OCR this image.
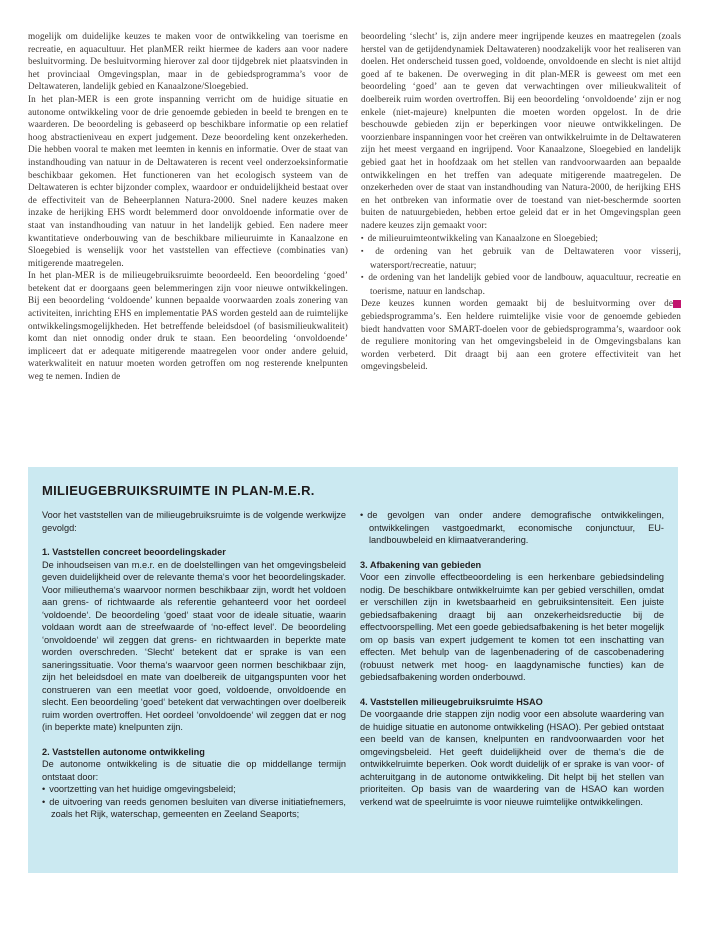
mogelijk om duidelijke keuzes te maken voor de ontwikkeling van toerisme en recreatie, en aquacultuur. Het planMER reikt hiermee de kaders aan voor nadere besluitvorming. De besluitvorming hierover zal door tijdgebrek niet plaatsvinden in het provinciaal Omgevingsplan, maar in de gebiedsprogramma’s voor de Deltawateren, landelijk gebied en Kanaalzone/Sloegebied.

In het plan-MER is een grote inspanning verricht om de huidige situatie en autonome ontwikkeling voor de drie genoemde gebieden in beeld te brengen en te waarderen. De beoordeling is gebaseerd op beschikbare informatie op een relatief hoog abstractieniveau en expert judgement. Deze beoordeling kent onzekerheden. Die hebben vooral te maken met leemten in kennis en informatie. Over de staat van instandhouding van natuur in de Deltawateren is recent veel onderzoeksinformatie beschikbaar gekomen. Het functioneren van het ecologisch systeem van de Deltawateren is echter bijzonder complex, waardoor er onduidelijkheid bestaat over de effectiviteit van de Beheerplannen Natura-2000. Snel nadere keuzes maken inzake de herijking EHS wordt belemmerd door onvoldoende informatie over de staat van instandhouding van natuur in het landelijk gebied. Een nadere meer kwantitatieve onderbouwing van de beschikbare milieuruimte in Kanaalzone en Sloegebied is wenselijk voor het vaststellen van effectieve (combinaties van) mitigerende maatregelen.

In het plan-MER is de milieugebruiksruimte beoordeeld. Een beoordeling ‘goed’ betekent dat er doorgaans geen belemmeringen zijn voor nieuwe ontwikkelingen. Bij een beoordeling ‘voldoende’ kunnen bepaalde voorwaarden zoals zonering van activiteiten, inrichting EHS en implementatie PAS worden gesteld aan de ruimtelijke ontwikkelingsmogelijkheden. Het betreffende beleidsdoel (of basismilieukwaliteit) komt dan niet onnodig onder druk te staan. Een beoordeling ‘onvoldoende’ impliceert dat er adequate mitigerende maatregelen voor onder andere geluid, waterkwaliteit en natuur moeten worden getroffen om nog resterende knelpunten weg te nemen. Indien de

beoordeling ‘slecht’ is, zijn andere meer ingrijpende keuzes en maatregelen (zoals herstel van de getijdendynamiek Deltawateren) noodzakelijk voor het realiseren van doelen. Het onderscheid tussen goed, voldoende, onvoldoende en slecht is niet altijd goed af te bakenen. De overweging in dit plan-MER is geweest om met een beoordeling ‘goed’ aan te geven dat verwachtingen over milieukwaliteit of doelbereik ruim worden overtroffen. Bij een beoordeling ‘onvoldoende’ zijn er nog enkele (niet-majeure) knelpunten die moeten worden opgelost. In de drie beschouwde gebieden zijn er beperkingen voor nieuwe ontwikkelingen. De voorzienbare inspanningen voor het creëren van ontwikkelruimte in de Deltawateren zijn het meest vergaand en ingrijpend. Voor Kanaalzone, Sloegebied en landelijk gebied gaat het in hoofdzaak om het stellen van randvoorwaarden aan bepaalde ontwikkelingen en het treffen van adequate mitigerende maatregelen. De onzekerheden over de staat van instandhouding van Natura-2000, de herijking EHS en het ontbreken van informatie over de toestand van niet-beschermde soorten buiten de natuurgebieden, hebben ertoe geleid dat er in het Omgevingsplan geen nadere keuzes zijn gemaakt voor:

▪ de milieuruimteontwikkeling van Kanaalzone en Sloegebied;
▪ de ordening van het gebruik van de Deltawateren voor visserij, watersport/recreatie, natuur;
▪ de ordening van het landelijk gebied voor de landbouw, aquacultuur, recreatie en toerisme, natuur en landschap.

Deze keuzes kunnen worden gemaakt bij de besluitvorming over de gebiedsprogramma’s. Een heldere ruimtelijke visie voor de genoemde gebieden biedt handvatten voor SMART-doelen voor de gebiedsprogramma’s, waardoor ook de reguliere monitoring van het omgevingsbeleid in de Omgevingsbalans kan worden verbeterd. Dit draagt bij aan een grotere effectiviteit van het omgevingsbeleid.

MILIEUGEBRUIKSRUIMTE IN PLAN-M.E.R.

Voor het vaststellen van de milieugebruiksruimte is de volgende werkwijze gevolgd:

1. Vaststellen concreet beoordelingskader

De inhoudseisen van m.e.r. en de doelstellingen van het omgevingsbeleid geven duidelijkheid over de relevante thema‘s voor het beoordelingskader. Voor milieuthema‘s waarvoor normen beschikbaar zijn, wordt het voldoen aan grens- of richtwaarde als referentie gehanteerd voor het oordeel ‘voldoende‘. De beoordeling ‘goed‘ staat voor de ideale situatie, waarin voldaan wordt aan de streefwaarde of ‘no-effect level‘. De beoordeling ‘onvoldoende‘ wil zeggen dat grens- en richtwaarden in beperkte mate worden overschreden. ‘Slecht‘ betekent dat er sprake is van een saneringssituatie. Voor thema‘s waarvoor geen normen beschikbaar zijn, zijn het beleidsdoel en mate van doelbereik de uitgangspunten voor het construeren van een meetlat voor goed, voldoende, onvoldoende en slecht. Een beoordeling ‘goed‘ betekent dat verwachtingen over doelbereik ruim worden overtroffen. Het oordeel ‘onvoldoende‘ wil zeggen dat er nog (in beperkte mate) knelpunten zijn.

2. Vaststellen autonome ontwikkeling

De autonome ontwikkeling is de situatie die op middellange termijn ontstaat door:

• voortzetting van het huidige omgevingsbeleid;
• de uitvoering van reeds genomen besluiten van diverse initiatiefnemers, zoals het Rijk, waterschap, gemeenten en Zeeland Seaports;
• de gevolgen van onder andere demografische ontwikkelingen, ontwikkelingen vastgoedmarkt, economische conjunctuur, EU- landbouwbeleid en klimaatverandering.
3. Afbakening van gebieden

Voor een zinvolle effectbeoordeling is een herkenbare gebiedsindeling nodig. De beschikbare ontwikkelruimte kan per gebied verschillen, omdat er verschillen zijn in kwetsbaarheid en gebruiksintensiteit. Een juiste gebiedsafbakening draagt bij aan onzekerheidsreductie bij de effectvoorspelling. Met een goede gebiedsafbakening is het beter mogelijk om op basis van expert judgement te komen tot een inschatting van effecten. Met behulp van de lagenbenadering of de cascobenadering (robuust netwerk met hoog- en laagdynamische functies) kan de gebiedsafbakening worden onderbouwd.

4. Vaststellen milieugebruiksruimte HSAO

De voorgaande drie stappen zijn nodig voor een absolute waardering van de huidige situatie en autonome ontwikkeling (HSAO). Per gebied ontstaat een beeld van de kansen, knelpunten en randvoorwaarden voor het omgevingsbeleid. Het geeft duidelijkheid over de thema‘s die de ontwikkelruimte beperken. Ook wordt duidelijk of er sprake is van voor- of achteruitgang in de autonome ontwikkeling. Dit helpt bij het stellen van prioriteiten. Op basis van de waardering van de HSAO kan worden verkend wat de speelruimte is voor nieuwe ruimtelijke ontwikkelingen.
